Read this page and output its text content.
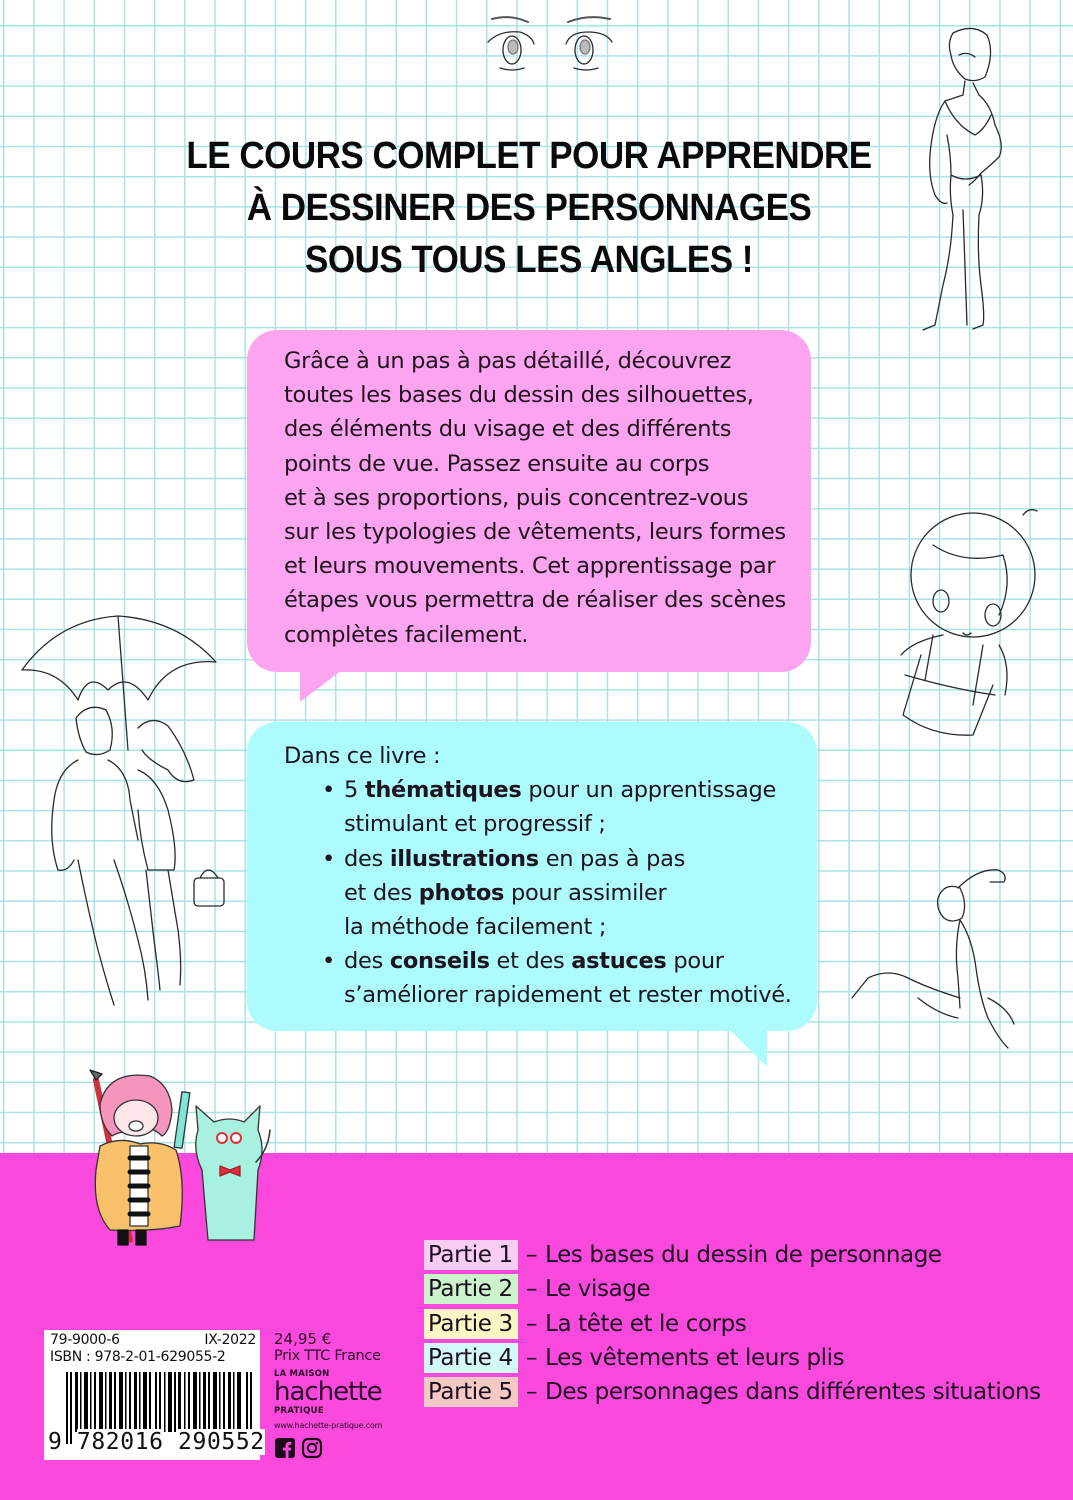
LE COURS COMPLET POUR APPRENDRE
À DESSINER DES PERSONNAGES
SOUS TOUS LES ANGLES !

Grâce à un pas à pas détaillé, découvrez

toutes les bases du dessin des silhouettes,

des éléments du visage et des différents

points de vue. Passez ensuite au corps

et à ses proportions, puis concentrez-vous

sur les typologies de vêtements, leurs formes

et leurs mouvements. Cet apprentissage par

étapes vous permettra de réaliser des scènes

complètes facilement.

Dans ce livre :

• 5 thématiques pour un apprentissage
stimulant et progressif ;
• des illustrations en pas à pas
et des photos pour assimiler
la méthode facilement ;
• des conseils et des astuces pour
s’améliorer rapidement et rester motivé.
Partie 1 – Les bases du dessin de personnage
Partie 2 – Le visage
Partie 3 – La tête et le corps
Partie 4 – Les vêtements et leurs plis
Partie 5 – Des personnages dans différentes situations
79-9000-6	IX-2022
ISBN : 978-2-01-629055-2
9 782016 290552
24,95 €
Prix TTC France
LA MAISON
hachette
PRATIQUE
www.hachette-pratique.com
